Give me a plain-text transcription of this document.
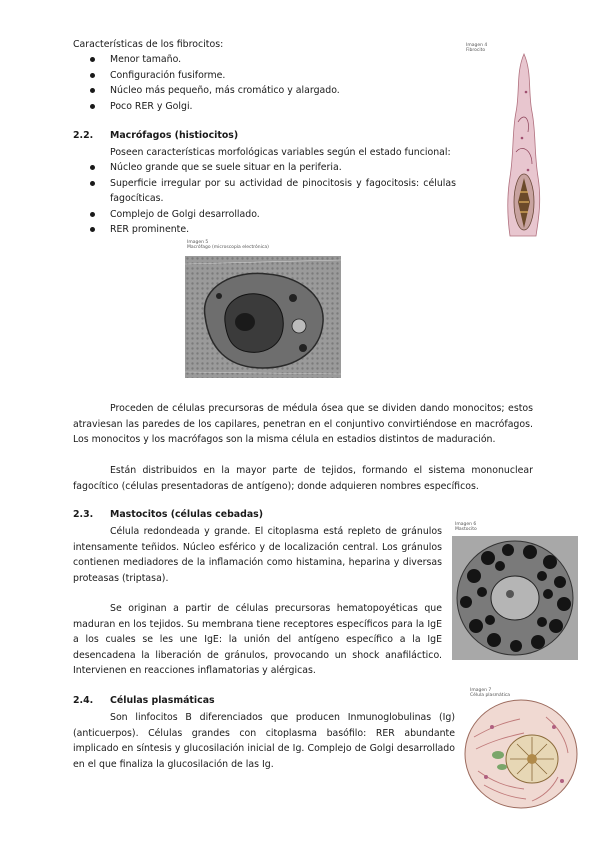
Características de los fibrocitos:

Menor tamaño.
Configuración fusiforme.
Núcleo más pequeño, más cromático y alargado.
Poco RER y Golgi.
Imagen 4
Fibrocito
2.2. Macrófagos (histiocitos)

Poseen características morfológicas variables según el estado funcional:

Núcleo grande que se suele situar en la periferia.
Superficie irregular por su actividad de pinocitosis y fagocitosis: células fagocíticas.
Complejo de Golgi desarrollado.
RER prominente.
Imagen 5
Macrófago (microscopía electrónica)

Proceden de células precursoras de médula ósea que se dividen dando monocitos; estos atraviesan las paredes de los capilares, penetran en el conjuntivo convirtiéndose en macrófagos. Los monocitos y los macrófagos son la misma célula en estadios distintos de maduración.

Están distribuidos en la mayor parte de tejidos, formando el sistema mononuclear fagocítico (células presentadoras de antígeno); donde adquieren nombres específicos.

2.3. Mastocitos (células cebadas)

Célula redondeada y grande. El citoplasma está repleto de gránulos intensamente teñidos. Núcleo esférico y de localización central. Los gránulos contienen mediadores de la inflamación como histamina, heparina y diversas proteasas (triptasa).

Se originan a partir de células precursoras hematopoyéticas que maduran en los tejidos. Su membrana tiene receptores específicos para la IgE a los cuales se les une IgE: la unión del antígeno específico a la IgE desencadena la liberación de gránulos, provocando un shock anafiláctico. Intervienen en reacciones inflamatorias y alérgicas.

Imagen 6
Mastocito
2.4. Células plasmáticas

Son linfocitos B diferenciados que producen Inmunoglobulinas (Ig) (anticuerpos). Células grandes con citoplasma basófilo: RER abundante implicado en síntesis y glucosilación inicial de Ig. Complejo de Golgi desarrollado en el que finaliza la glucosilación de las Ig.

Imagen 7
Célula plasmática
